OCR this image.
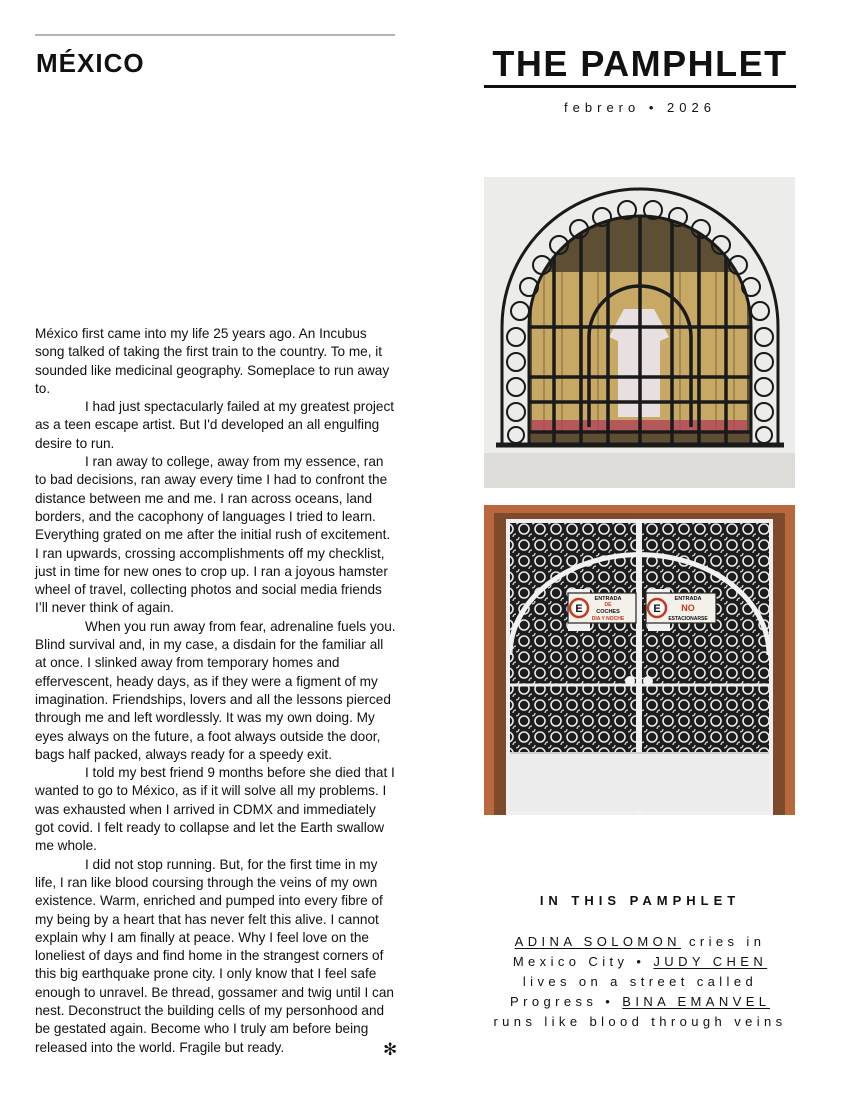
MÉXICO	THE PAMPHLET
febrero • 2026

México first came into my life 25 years ago. An Incubus song talked of taking the first train to the country. To me, it sounded like medicinal geography. Someplace to run away to.

I had just spectacularly failed at my greatest project as a teen escape artist. But I'd developed an all engulfing desire to run.

I ran away to college, away from my essence, ran to bad decisions, ran away every time I had to confront the distance between me and me. I ran across oceans, land borders, and the cacophony of languages I tried to learn. Everything grated on me after the initial rush of excitement. I ran upwards, crossing accomplishments off my checklist, just in time for new ones to crop up. I ran a joyous hamster wheel of travel, collecting photos and social media friends I’ll never think of again.

When you run away from fear, adrenaline fuels you. Blind survival and, in my case, a disdain for the familiar all at once. I slinked away from temporary homes and effervescent, heady days, as if they were a figment of my imagination. Friendships, lovers and all the lessons pierced through me and left wordlessly. It was my own doing. My eyes always on the future, a foot always outside the door, bags half packed, always ready for a speedy exit.

I told my best friend 9 months before she died that I wanted to go to México, as if it will solve all my problems. I was exhausted when I arrived in CDMX and immediately got covid. I felt ready to collapse and let the Earth swallow me whole.

I did not stop running. But, for the first time in my life, I ran like blood coursing through the veins of my own existence. Warm, enriched and pumped into every fibre of my being by a heart that has never felt this alive. I cannot explain why I am finally at peace. Why I feel love on the loneliest of days and find home in the strangest corners of this big earthquake prone city. I only know that I feel safe enough to unravel. Be thread, gossamer and twig until I can nest. Deconstruct the building cells of my personhood and be gestated again. Become who I truly am before being released into the world. Fragile but ready.	✻
E
ENTRADA
DE
COCHES
DIA Y NOCHE
E
ENTRADA
NO
ESTACIONARSE
IN THIS PAMPHLET
ADINA SOLOMON cries in Mexico City • JUDY CHEN lives on a street called Progress • BINA EMANVEL runs like blood through veins
